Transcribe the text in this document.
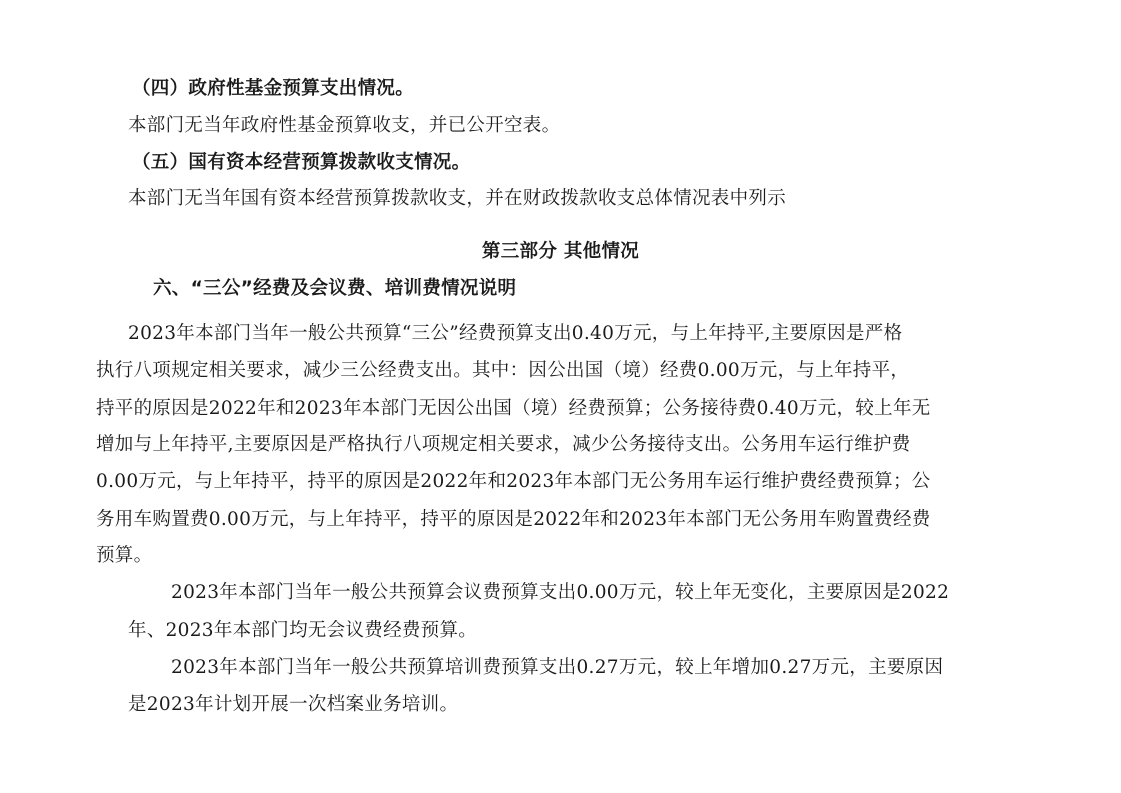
（四）政府性基金预算支出情况。
本部门无当年政府性基金预算收支，并已公开空表。
（五）国有资本经营预算拨款收支情况。
本部门无当年国有资本经营预算拨款收支，并在财政拨款收支总体情况表中列示
第三部分 其他情况
六、“三公”经费及会议费、培训费情况说明
2023年本部门当年一般公共预算“三公”经费预算支出0.40万元，与上年持平,主要原因是严格
执行八项规定相关要求，减少三公经费支出。其中：因公出国（境）经费0.00万元，与上年持平，
持平的原因是2022年和2023年本部门无因公出国（境）经费预算；公务接待费0.40万元，较上年无
增加与上年持平,主要原因是严格执行八项规定相关要求，减少公务接待支出。公务用车运行维护费
0.00万元，与上年持平，持平的原因是2022年和2023年本部门无公务用车运行维护费经费预算；公
务用车购置费0.00万元，与上年持平，持平的原因是2022年和2023年本部门无公务用车购置费经费
预算。
2023年本部门当年一般公共预算会议费预算支出0.00万元，较上年无变化，主要原因是2022
年、2023年本部门均无会议费经费预算。
2023年本部门当年一般公共预算培训费预算支出0.27万元，较上年增加0.27万元，主要原因
是2023年计划开展一次档案业务培训。
